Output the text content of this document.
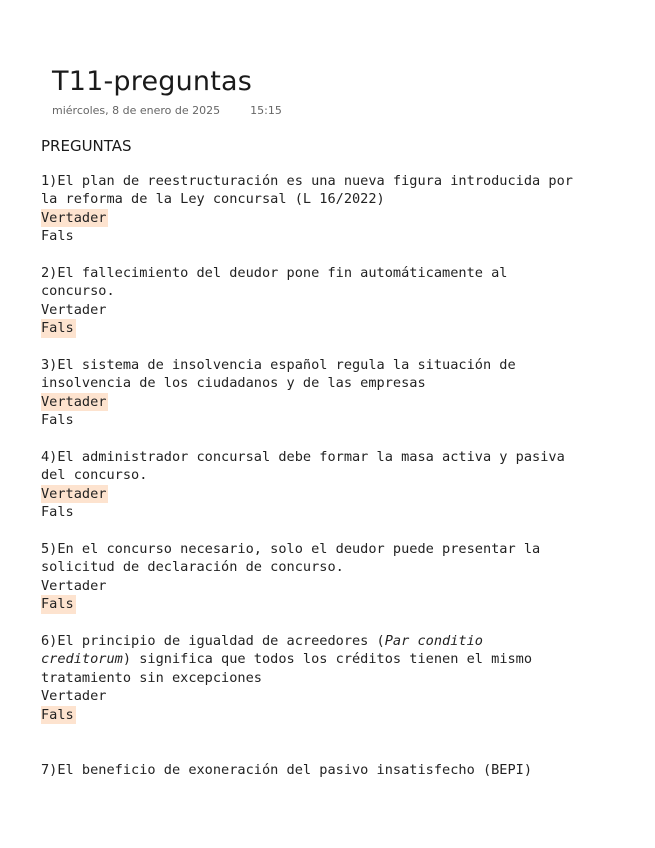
T11-preguntas
miércoles, 8 de enero de 2025	15:15
PREGUNTAS
1)El plan de reestructuración es una nueva figura introducida por
la reforma de la Ley concursal (L 16/2022)
Vertader
Fals
2)El fallecimiento del deudor pone fin automáticamente al
concurso.
Vertader
Fals
3)El sistema de insolvencia español regula la situación de
insolvencia de los ciudadanos y de las empresas
Vertader
Fals
4)El administrador concursal debe formar la masa activa y pasiva
del concurso.
Vertader
Fals
5)En el concurso necesario, solo el deudor puede presentar la
solicitud de declaración de concurso.
Vertader
Fals
6)El principio de igualdad de acreedores (Par conditio
creditorum) significa que todos los créditos tienen el mismo
tratamiento sin excepciones
Vertader
Fals
7)El beneficio de exoneración del pasivo insatisfecho (BEPI)
